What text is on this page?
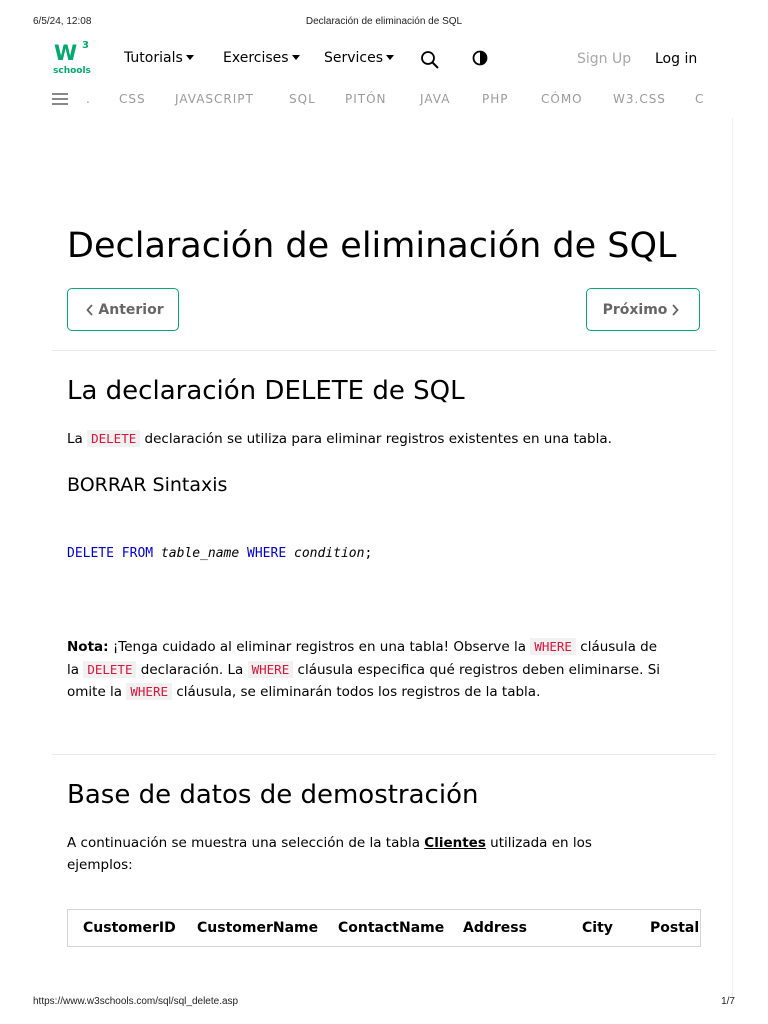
6/5/24, 12:08	Declaración de eliminación de SQL
W 3
schools
Tutorials	Exercises	Services	Sign Up Log in
. CSS JAVASCRIPT	SQL PITÓN	JAVA	PHP	CÓMO	W3.CSS C
Declaración de eliminación de SQL
Anterior	Próximo
La declaración DELETE de SQL

La DELETE declaración se utiliza para eliminar registros existentes en una tabla.

BORRAR Sintaxis
DELETE FROM table_name WHERE condition;
Nota: ¡Tenga cuidado al eliminar registros en una tabla! Observe la WHERE cláusula de
la DELETE declaración. La WHERE cláusula especifica qué registros deben eliminarse. Si
omite la WHERE cláusula, se eliminarán todos los registros de la tabla.
Base de datos de demostración
A continuación se muestra una selección de la tabla Clientes utilizada en los
ejemplos:
CustomerID CustomerName ContactName Address	City	Postal
https://www.w3schools.com/sql/sql_delete.asp	1/7
